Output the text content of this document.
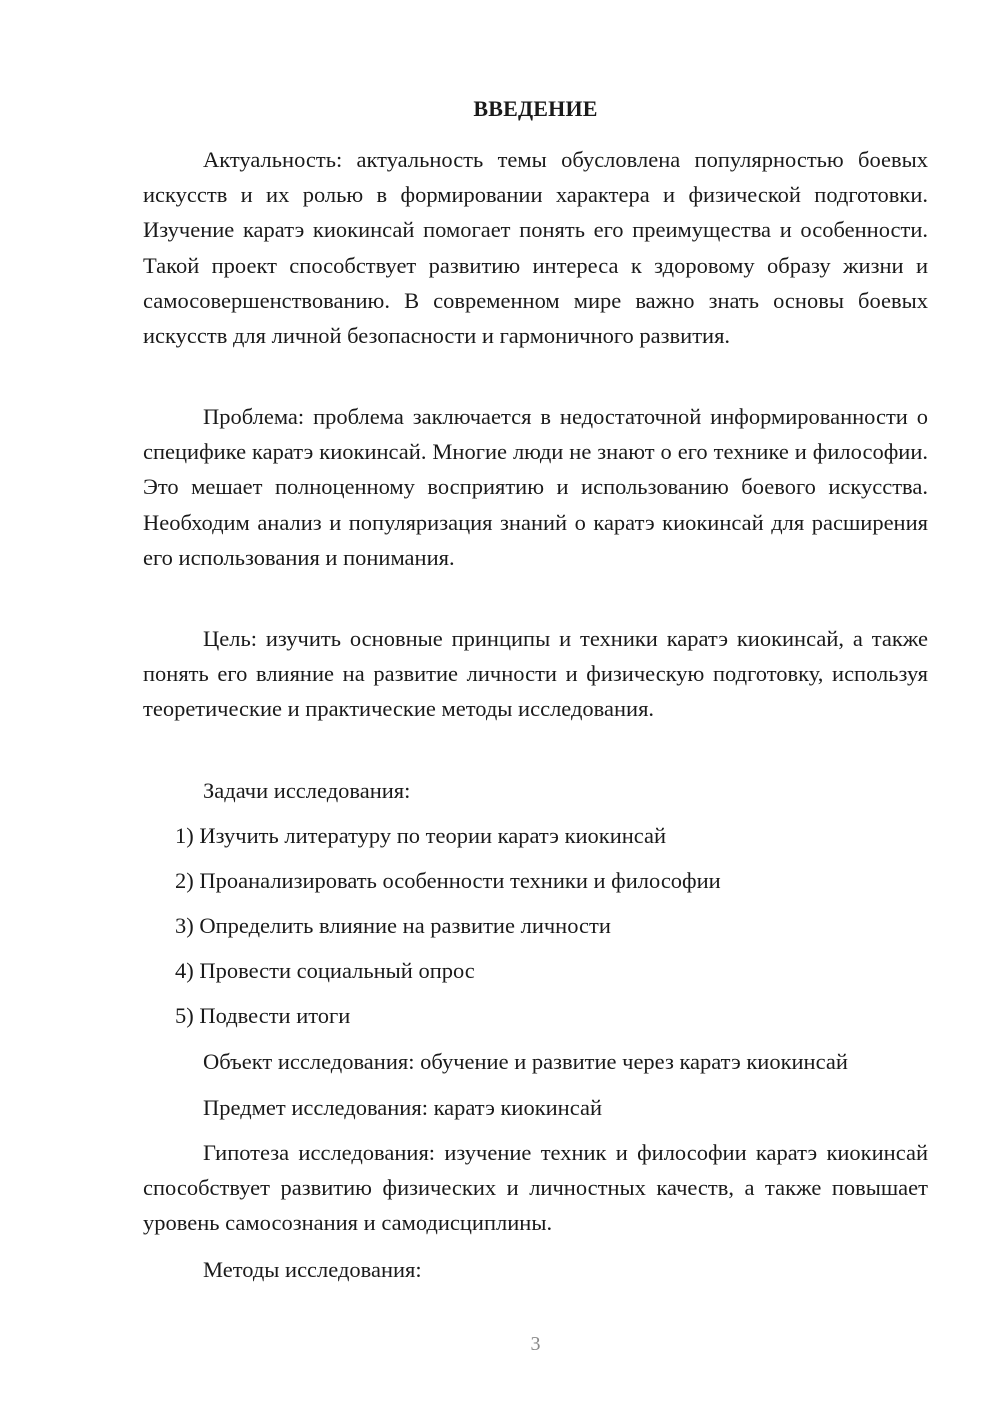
ВВЕДЕНИЕ

Актуальность: актуальность темы обусловлена популярностью боевых искусств и их ролью в формировании характера и физической подготовки. Изучение каратэ киокинсай помогает понять его преимущества и особенности. Такой проект способствует развитию интереса к здоровому образу жизни и самосовершенствованию. В современном мире важно знать основы боевых искусств для личной безопасности и гармоничного развития.

Проблема: проблема заключается в недостаточной информированности о специфике каратэ киокинсай. Многие люди не знают о его технике и философии. Это мешает полноценному восприятию и использованию боевого искусства. Необходим анализ и популяризация знаний о каратэ киокинсай для расширения его использования и понимания.

Цель: изучить основные принципы и техники каратэ киокинсай, а также понять его влияние на развитие личности и физическую подготовку, используя теоретические и практические методы исследования.

Задачи исследования:
1) Изучить литературу по теории каратэ киокинсай
2) Проанализировать особенности техники и философии
3) Определить влияние на развитие личности
4) Провести социальный опрос
5) Подвести итоги
Объект исследования: обучение и развитие через каратэ киокинсай
Предмет исследования: каратэ киокинсай

Гипотеза исследования: изучение техник и философии каратэ киокинсай способствует развитию физических и личностных качеств, а также повышает уровень самосознания и самодисциплины.

Методы исследования:
3
